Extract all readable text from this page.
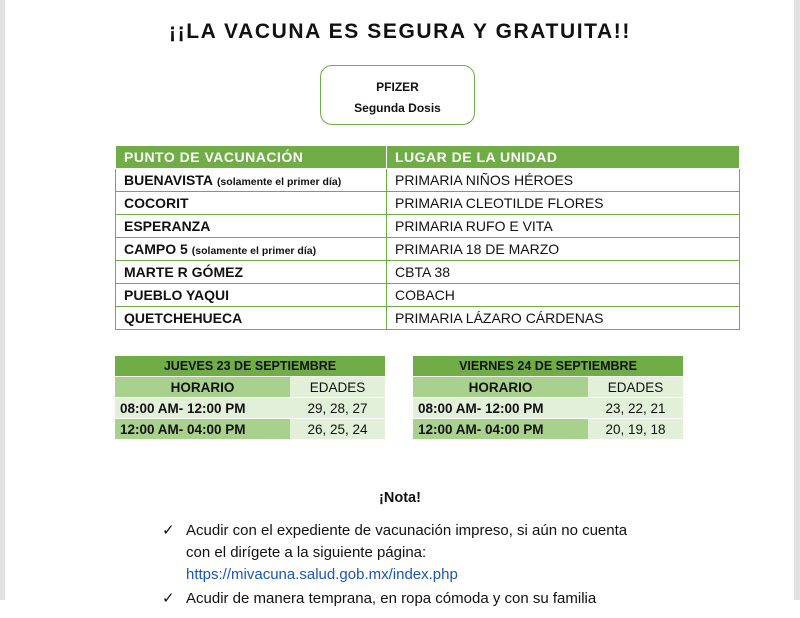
¡¡LA VACUNA ES SEGURA Y GRATUITA!!
PFIZER
Segunda Dosis
PUNTO DE VACUNACIÓN	LUGAR DE LA UNIDAD
BUENAVISTA (solamente el primer día)	PRIMARIA NIÑOS HÉROES
COCORIT	PRIMARIA CLEOTILDE FLORES
ESPERANZA	PRIMARIA RUFO E VITA
CAMPO 5 (solamente el primer día)	PRIMARIA 18 DE MARZO
MARTE R GÓMEZ	CBTA 38
PUEBLO YAQUI	COBACH
QUETCHEHUECA	PRIMARIA LÁZARO CÁRDENAS
JUEVES 23 DE SEPTIEMBRE	
HORARIO	EDADES
08:00 AM- 12:00 PM	29, 28, 27
12:00 AM- 04:00 PM	26, 25, 24
VIERNES 24 DE SEPTIEMBRE	
HORARIO	EDADES
08:00 AM- 12:00 PM	23, 22, 21
12:00 AM- 04:00 PM	20, 19, 18
¡Nota!
✓ Acudir con el expediente de vacunación impreso, si aún no cuenta con el dirígete a la siguiente página:
https://mivacuna.salud.gob.mx/index.php
✓ Acudir de manera temprana, en ropa cómoda y con su familia
